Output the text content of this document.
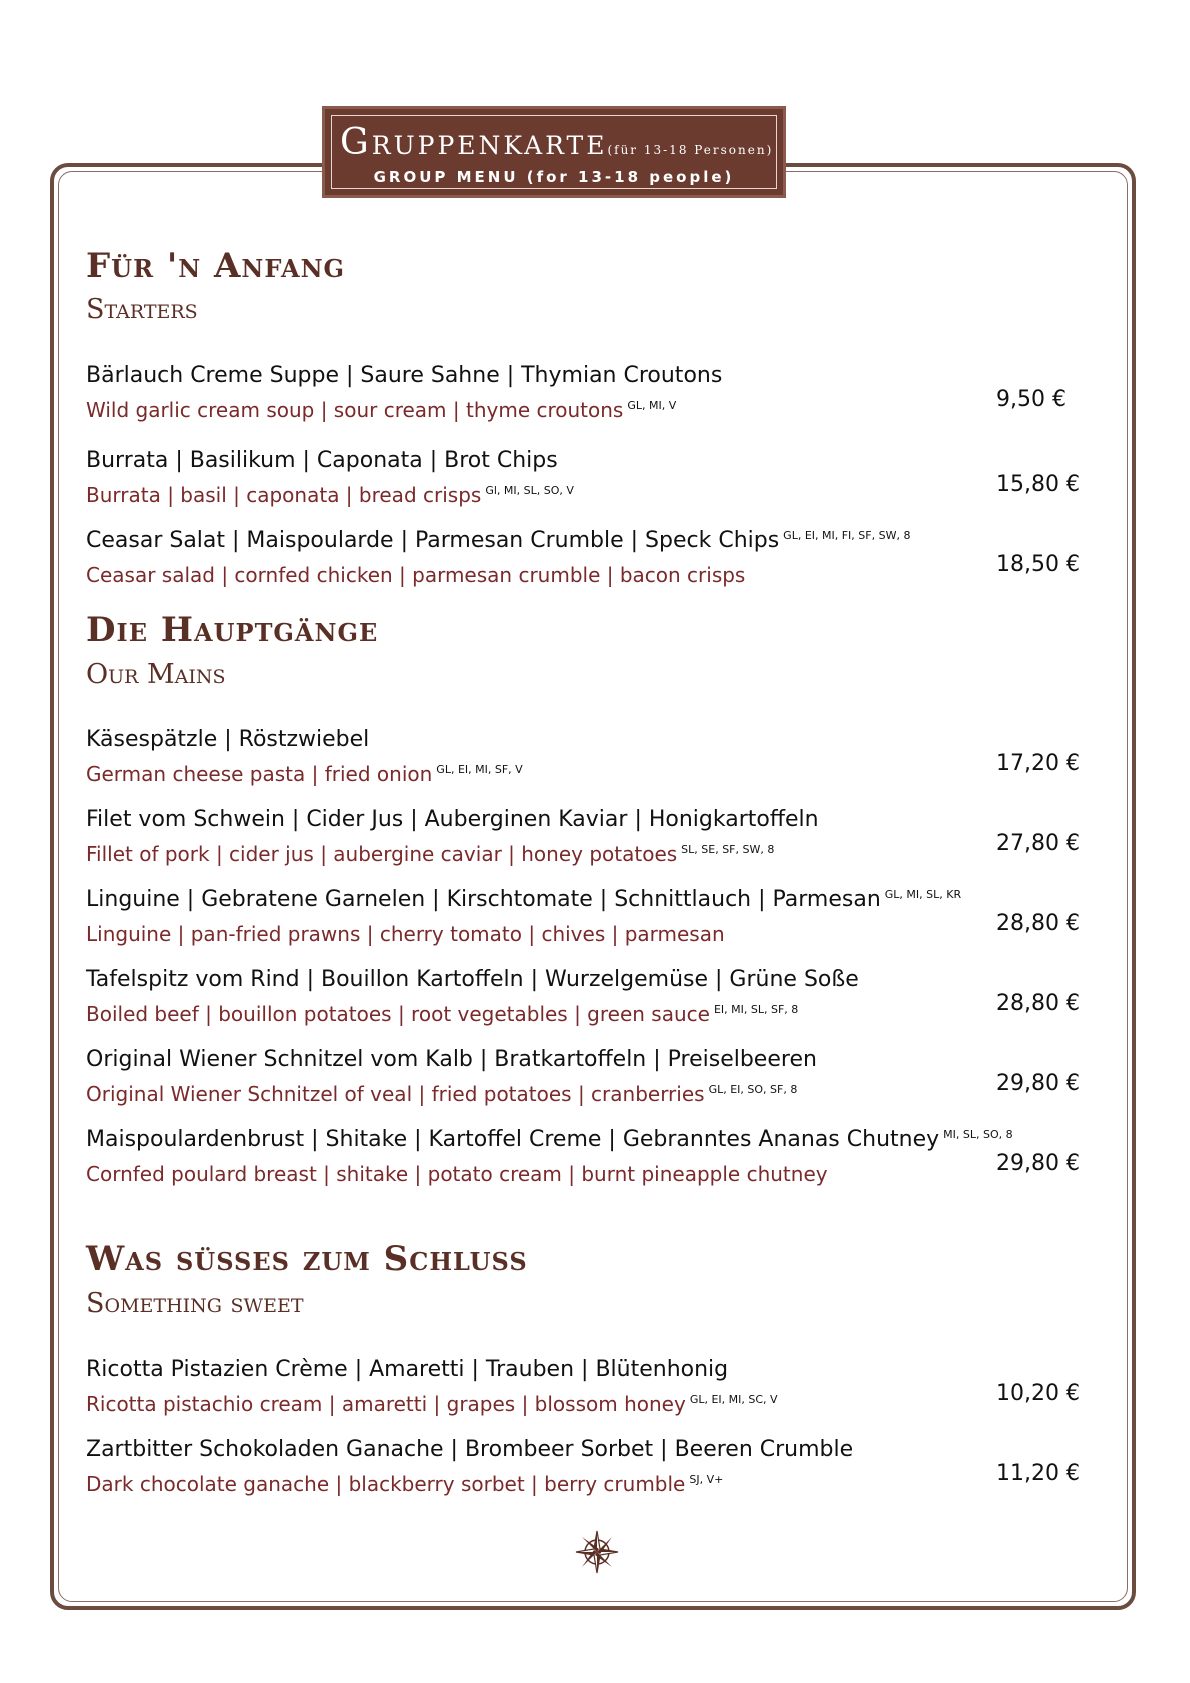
Gruppenkarte(für 13-18 Personen)
GROUP MENU (for 13-18 people)
Für 'n Anfang
Starters
Bärlauch Creme Suppe | Saure Sahne | Thymian Croutons
Wild garlic cream soup | sour cream | thyme croutons $^{GL, MI, V}$	9,50 €
Burrata | Basilikum | Caponata | Brot Chips
Burrata | basil | caponata | bread crisps $^{Gl, MI, SL, SO, V}$	15,80 €
Ceasar Salat | Maispoularde | Parmesan Crumble | Speck Chips $^{GL, EI, MI, FI, SF, SW, 8}$
Ceasar salad | cornfed chicken | parmesan crumble | bacon crisps	18,50 €
Die Hauptgänge
Our Mains
Käsespätzle | Röstzwiebel
German cheese pasta | fried onion $^{GL, EI, MI, SF, V}$	17,20 €
Filet vom Schwein | Cider Jus | Auberginen Kaviar | Honigkartoffeln
Fillet of pork | cider jus | aubergine caviar | honey potatoes $^{SL, SE, SF, SW, 8}$	27,80 €
Linguine | Gebratene Garnelen | Kirschtomate | Schnittlauch | Parmesan $^{GL, MI, SL, KR}$
Linguine | pan-fried prawns | cherry tomato | chives | parmesan	28,80 €
Tafelspitz vom Rind | Bouillon Kartoffeln | Wurzelgemüse | Grüne Soße
Boiled beef | bouillon potatoes | root vegetables | green sauce $^{EI, MI, SL, SF, 8}$	28,80 €
Original Wiener Schnitzel vom Kalb | Bratkartoffeln | Preiselbeeren
Original Wiener Schnitzel of veal | fried potatoes | cranberries $^{GL, EI, SO, SF, 8}$	29,80 €
Maispoulardenbrust | Shitake | Kartoffel Creme | Gebranntes Ananas Chutney $^{MI, SL, SO, 8}$
Cornfed poulard breast | shitake | potato cream | burnt pineapple chutney	29,80 €
Was süsses zum Schluss
Something sweet
Ricotta Pistazien Crème | Amaretti | Trauben | Blütenhonig
Ricotta pistachio cream | amaretti | grapes | blossom honey $^{GL, EI, MI, SC, V}$	10,20 €
Zartbitter Schokoladen Ganache | Brombeer Sorbet | Beeren Crumble
Dark chocolate ganache | blackberry sorbet | berry crumble $^{SJ, V+}$	11,20 €
